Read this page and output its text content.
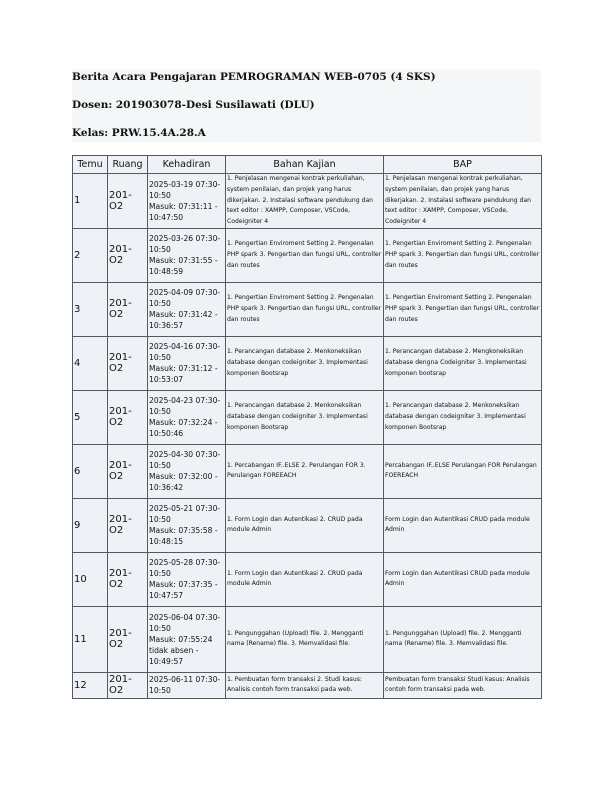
Berita Acara Pengajaran PEMROGRAMAN WEB-0705 (4 SKS)

Dosen: 201903078-Desi Susilawati (DLU)

Kelas: PRW.15.4A.28.A

Temu	Ruang	Kehadiran	Bahan Kajian	BAP
1	201-O2	2025-03-19 07:30-
10:50
Masuk: 07:31:11 -
10:47:50	1. Penjelasan mengenai kontrak perkuliahan, system penilaian, dan projek yang harus dikerjakan. 2. Instalasi software pendukung dan text editor : XAMPP, Composer, VSCode, Codeigniter 4	1. Penjelasan mengenai kontrak perkuliahan, system penilaian, dan projek yang harus dikerjakan. 2. Instalasi software pendukung dan text editor : XAMPP, Composer, VSCode, Codeigniter 4
2	201-O2	2025-03-26 07:30-
10:50
Masuk: 07:31:55 -
10:48:59	1. Pengertian Enviroment Setting 2. Pengenalan PHP spark 3. Pengertian dan fungsi URL, controller dan routes	1. Pengertian Enviroment Setting 2. Pengenalan PHP spark 3. Pengertian dan fungsi URL, controller dan routes
3	201-O2	2025-04-09 07:30-
10:50
Masuk: 07:31:42 -
10:36:57	1. Pengertian Enviroment Setting 2. Pengenalan PHP spark 3. Pengertian dan fungsi URL, controller dan routes	1. Pengertian Enviroment Setting 2. Pengenalan PHP spark 3. Pengertian dan fungsi URL, controller dan routes
4	201-O2	2025-04-16 07:30-
10:50
Masuk: 07:31:12 -
10:53:07	1. Perancangan database 2. Menkoneksikan database dengan codeigniter 3. Implementasi komponen Bootsrap	1. Perancangan database 2. Mengkoneksikan database dengna Codeigniter 3. Implementasi komponen bootsrap
5	201-O2	2025-04-23 07:30-
10:50
Masuk: 07:32:24 -
10:50:46	1. Perancangan database 2. Menkoneksikan database dengan codeigniter 3. Implementasi komponen Bootsrap	1. Perancangan database 2. Menkoneksikan database dengan codeigniter 3. Implementasi komponen Bootsrap
6	201-O2	2025-04-30 07:30-
10:50
Masuk: 07:32:00 -
10:36:42	1. Percabangan IF..ELSE 2. Perulangan FOR 3. Perulangan FOREEACH	Percabangan IF..ELSE Perulangan FOR Perulangan FOEREACH
9	201-O2	2025-05-21 07:30-
10:50
Masuk: 07:35:58 -
10:48:15	1. Form Login dan Autentikasi 2. CRUD pada module Admin	Form Login dan Autentikasi CRUD pada module Admin
10	201-O2	2025-05-28 07:30-
10:50
Masuk: 07:37:35 -
10:47:57	1. Form Login dan Autentikasi 2. CRUD pada module Admin	Form Login dan Autentikasi CRUD pada module Admin
11	201-O2	2025-06-04 07:30-
10:50
Masuk: 07:55:24
tidak absen -
10:49:57	1. Pengunggahan (Upload) file. 2. Mengganti nama (Rename) file. 3. Memvalidasi file.	1. Pengunggahan (Upload) file. 2. Mengganti nama (Rename) file. 3. Memvalidasi file.
12	201-O2	2025-06-11 07:30-
10:50	1. Pembuatan form transaksi 2. Studi kasus: Analisis contoh form transaksi pada web.	Pembuatan form transaksi Studi kasus: Analisis contoh form transaksi pada web.
